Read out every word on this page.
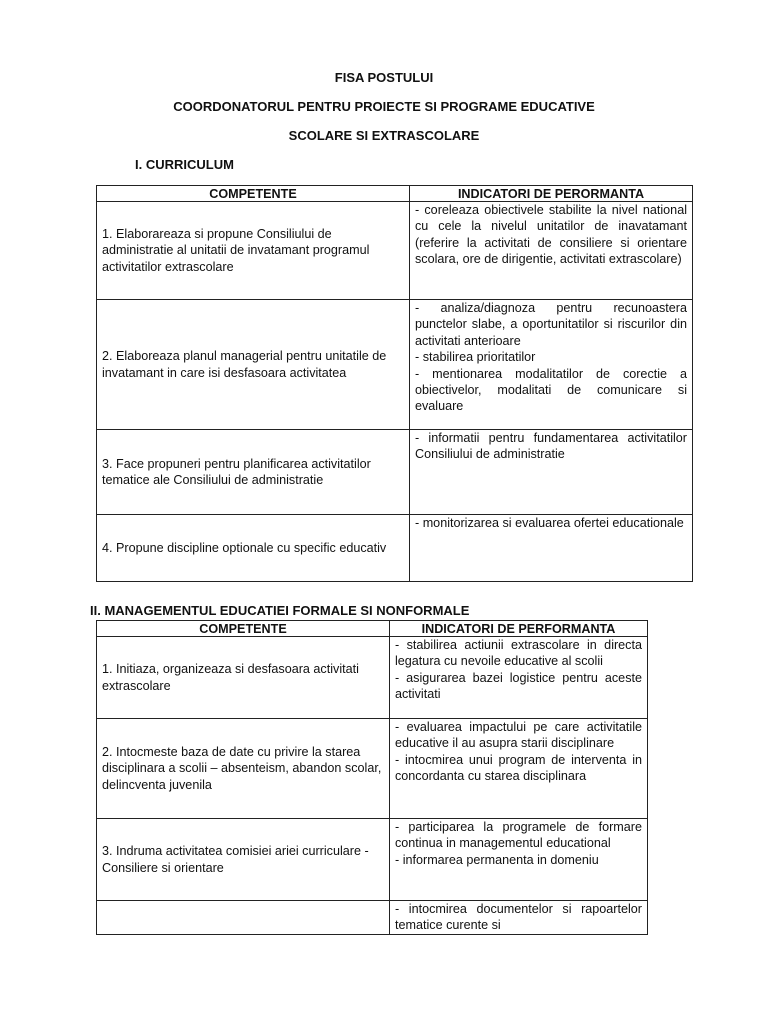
FISA POSTULUI
COORDONATORUL PENTRU PROIECTE SI PROGRAME EDUCATIVE
SCOLARE SI EXTRASCOLARE
I. CURRICULUM
COMPETENTE	INDICATORI DE PERORMANTA
1. Elaborareaza si propune Consiliului de administratie al unitatii de invatamant programul activitatilor extrascolare	- coreleaza obiectivele stabilite la nivel national cu cele la nivelul unitatilor de inavatamant (referire la activitati de consiliere si orientare scolara, ore de dirigentie, activitati extrascolare)

2. Elaboreaza planul managerial pentru unitatile de invatamant in care isi desfasoara activitatea	- analiza/diagnoza pentru recunoastera punctelor slabe, a oportunitatilor si riscurilor din activitati anterioare
- stabilirea prioritatilor
- mentionarea modalitatilor de corectie a obiectivelor, modalitati de comunicare si evaluare

3. Face propuneri pentru planificarea activitatilor tematice ale Consiliului de administratie	- informatii pentru fundamentarea activitatilor Consiliului de administratie

4. Propune discipline optionale cu specific educativ	- monitorizarea si evaluarea ofertei educationale
II. MANAGEMENTUL EDUCATIEI FORMALE SI NONFORMALE
COMPETENTE	INDICATORI DE PERFORMANTA
1. Initiaza, organizeaza si desfasoara activitati extrascolare	- stabilirea actiunii extrascolare in directa legatura cu nevoile educative al scolii
- asigurarea bazei logistice pentru aceste activitati

2. Intocmeste baza de date cu privire la starea disciplinara a scolii – absenteism, abandon scolar, delincventa juvenila	- evaluarea impactului pe care activitatile educative il au asupra starii disciplinare
- intocmirea unui program de interventa in concordanta cu starea disciplinara

3. Indruma activitatea comisiei ariei curriculare -Consiliere si orientare	- participarea la programele de formare continua in managementul educational
- informarea permanenta in domeniu

	- intocmirea documentelor si rapoartelor tematice curente si
